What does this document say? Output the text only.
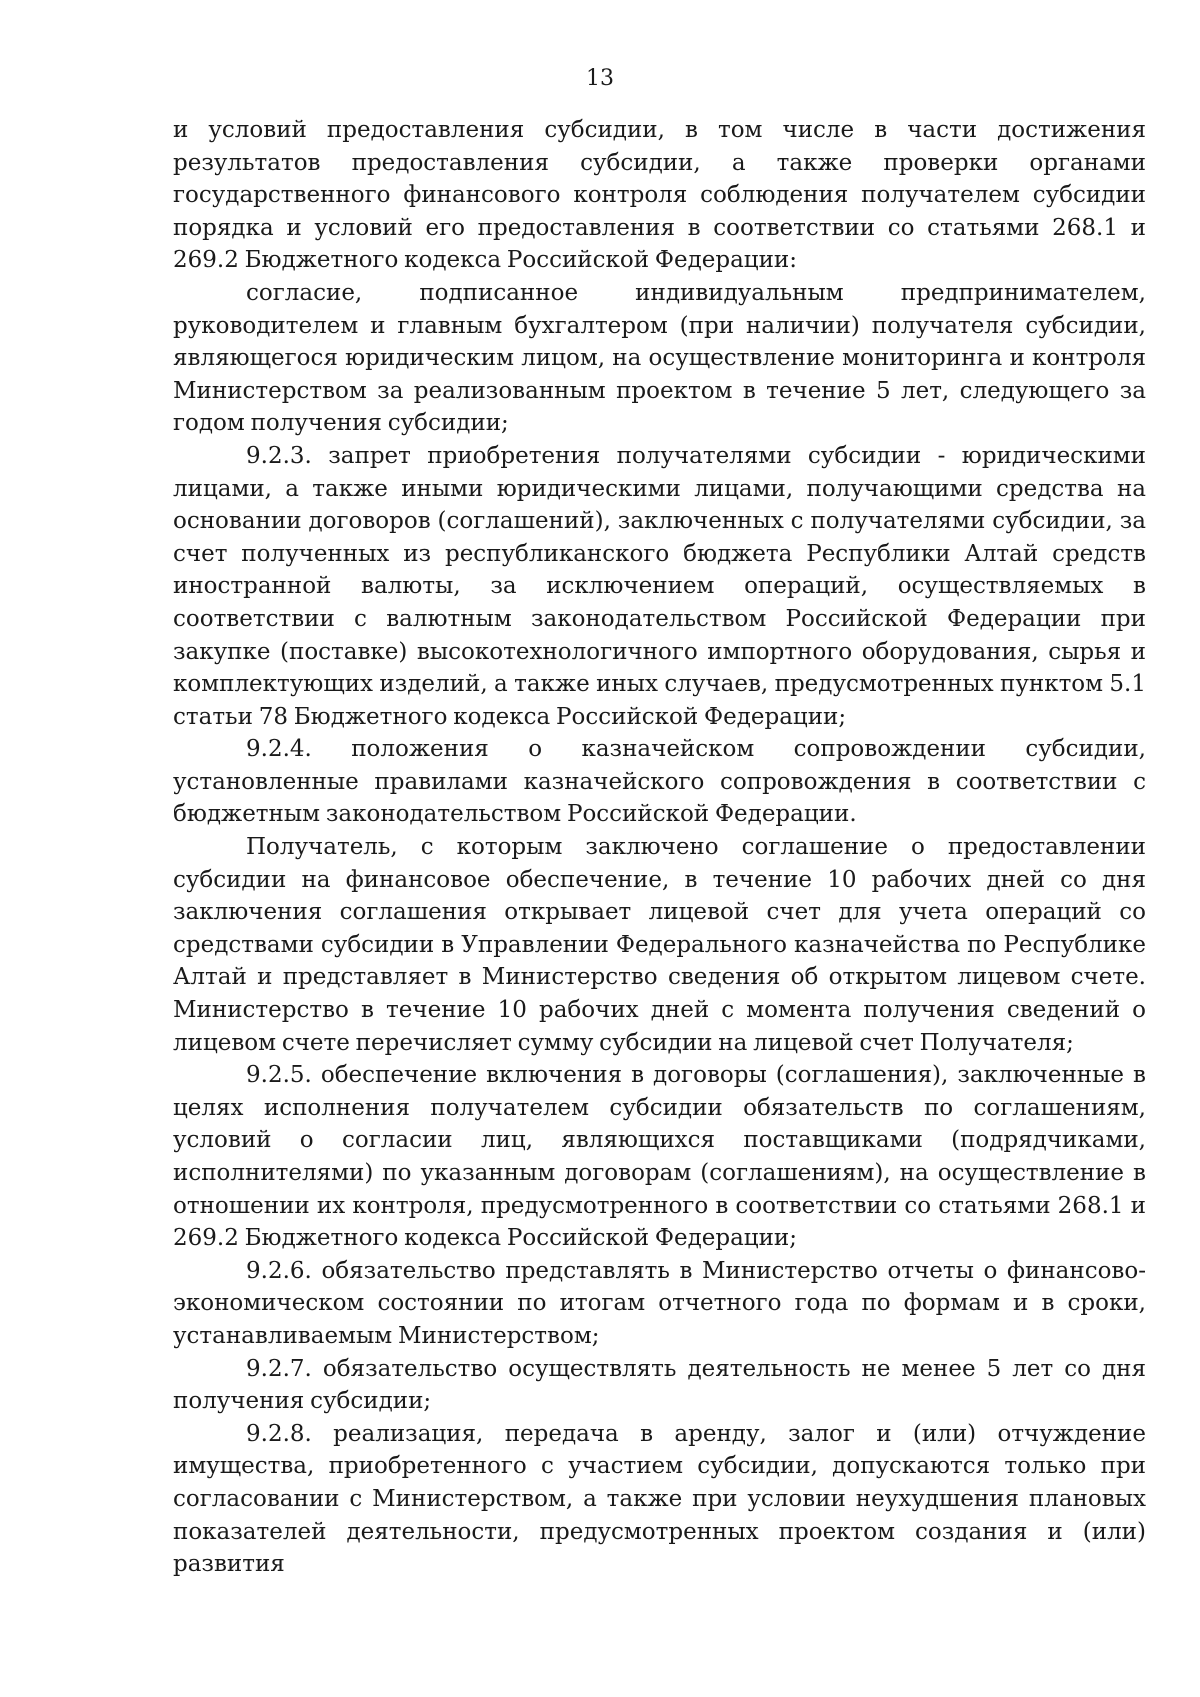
13

и условий предоставления субсидии, в том числе в части достижения результатов предоставления субсидии, а также проверки органами государственного финансового контроля соблюдения получателем субсидии порядка и условий его предоставления в соответствии со статьями 268.1 и 269.2 Бюджетного кодекса Российской Федерации:

согласие, подписанное индивидуальным предпринимателем, руководителем и главным бухгалтером (при наличии) получателя субсидии, являющегося юридическим лицом, на осуществление мониторинга и контроля Министерством за реализованным проектом в течение 5 лет, следующего за годом получения субсидии;

9.2.3. запрет приобретения получателями субсидии - юридическими лицами, а также иными юридическими лицами, получающими средства на основании договоров (соглашений), заключенных с получателями субсидии, за счет полученных из республиканского бюджета Республики Алтай средств иностранной валюты, за исключением операций, осуществляемых в соответствии с валютным законодательством Российской Федерации при закупке (поставке) высокотехнологичного импортного оборудования, сырья и комплектующих изделий, а также иных случаев, предусмотренных пунктом 5.1 статьи 78 Бюджетного кодекса Российской Федерации;

9.2.4. положения о казначейском сопровождении субсидии, установленные правилами казначейского сопровождения в соответствии с бюджетным законодательством Российской Федерации.

Получатель, с которым заключено соглашение о предоставлении субсидии на финансовое обеспечение, в течение 10 рабочих дней со дня заключения соглашения открывает лицевой счет для учета операций со средствами субсидии в Управлении Федерального казначейства по Республике Алтай и представляет в Министерство сведения об открытом лицевом счете. Министерство в течение 10 рабочих дней с момента получения сведений о лицевом счете перечисляет сумму субсидии на лицевой счет Получателя;

9.2.5. обеспечение включения в договоры (соглашения), заключенные в целях исполнения получателем субсидии обязательств по соглашениям, условий о согласии лиц, являющихся поставщиками (подрядчиками, исполнителями) по указанным договорам (соглашениям), на осуществление в отношении их контроля, предусмотренного в соответствии со статьями 268.1 и 269.2 Бюджетного кодекса Российской Федерации;

9.2.6. обязательство представлять в Министерство отчеты о финансово-экономическом состоянии по итогам отчетного года по формам и в сроки, устанавливаемым Министерством;

9.2.7. обязательство осуществлять деятельность не менее 5 лет со дня получения субсидии;

9.2.8. реализация, передача в аренду, залог и (или) отчуждение имущества, приобретенного с участием субсидии, допускаются только при согласовании с Министерством, а также при условии неухудшения плановых показателей деятельности, предусмотренных проектом создания и (или) развития
